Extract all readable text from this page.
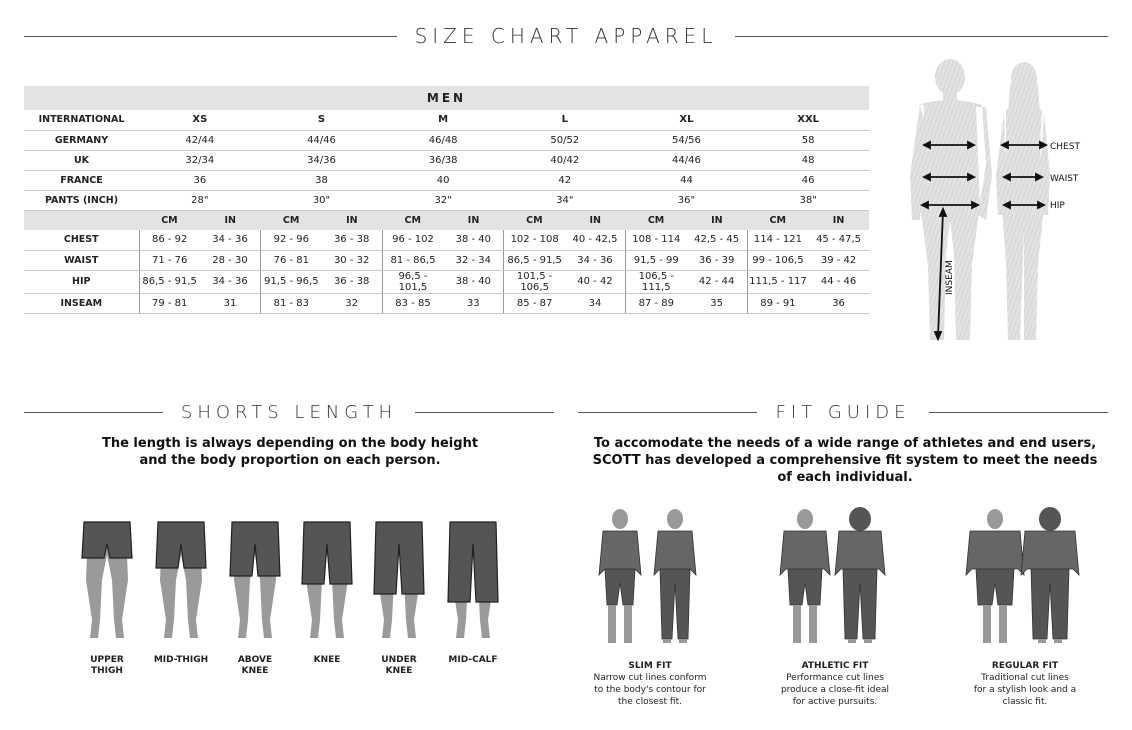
SIZE CHART APPAREL
MEN
INTERNATIONAL	XS		S		M		L		XL		XXL	
GERMANY	42/44		44/46		46/48		50/52		54/56		58	
UK	32/34		34/36		36/38		40/42		44/46		48	
FRANCE	36		38		40		42		44		46	
PANTS (INCH)	28"		30"		32"		34"		36"		38"	
	CM	IN	CM	IN	CM	IN	CM	IN	CM	IN	CM	IN
CHEST	86 - 92	34 - 36	92 - 96	36 - 38	96 - 102	38 - 40	102 - 108	40 - 42,5	108 - 114	42,5 - 45	114 - 121	45 - 47,5
WAIST	71 - 76	28 - 30	76 - 81	30 - 32	81 - 86,5	32 - 34	86,5 - 91,5	34 - 36	91,5 - 99	36 - 39	99 - 106,5	39 - 42
HIP	86,5 - 91,5	34 - 36	91,5 - 96,5	36 - 38	96,5 - 101,5	38 - 40	101,5 - 106,5	40 - 42	106,5 - 111,5	42 - 44	111,5 - 117	44 - 46
INSEAM	79 - 81	31	81 - 83	32	83 - 85	33	85 - 87	34	87 - 89	35	89 - 91	36
CHEST
WAIST
HIP
INSEAM
SHORTS LENGTH
The length is always depending on the body height
and the body proportion on each person.
UPPER
THIGH
MID-THIGH	ABOVE
KNEE
KNEE	UNDER
KNEE
MID-CALF
FIT GUIDE
To accomodate the needs of a wide range of athletes and end users,
SCOTT has developed a comprehensive fit system to meet the needs
of each individual.
SLIM FIT
Narrow cut lines conform
to the body's contour for
the closest fit.
ATHLETIC FIT
Performance cut lines
produce a close-fit ideal
for active pursuits.
REGULAR FIT
Traditional cut lines
for a stylish look and a
classic fit.
